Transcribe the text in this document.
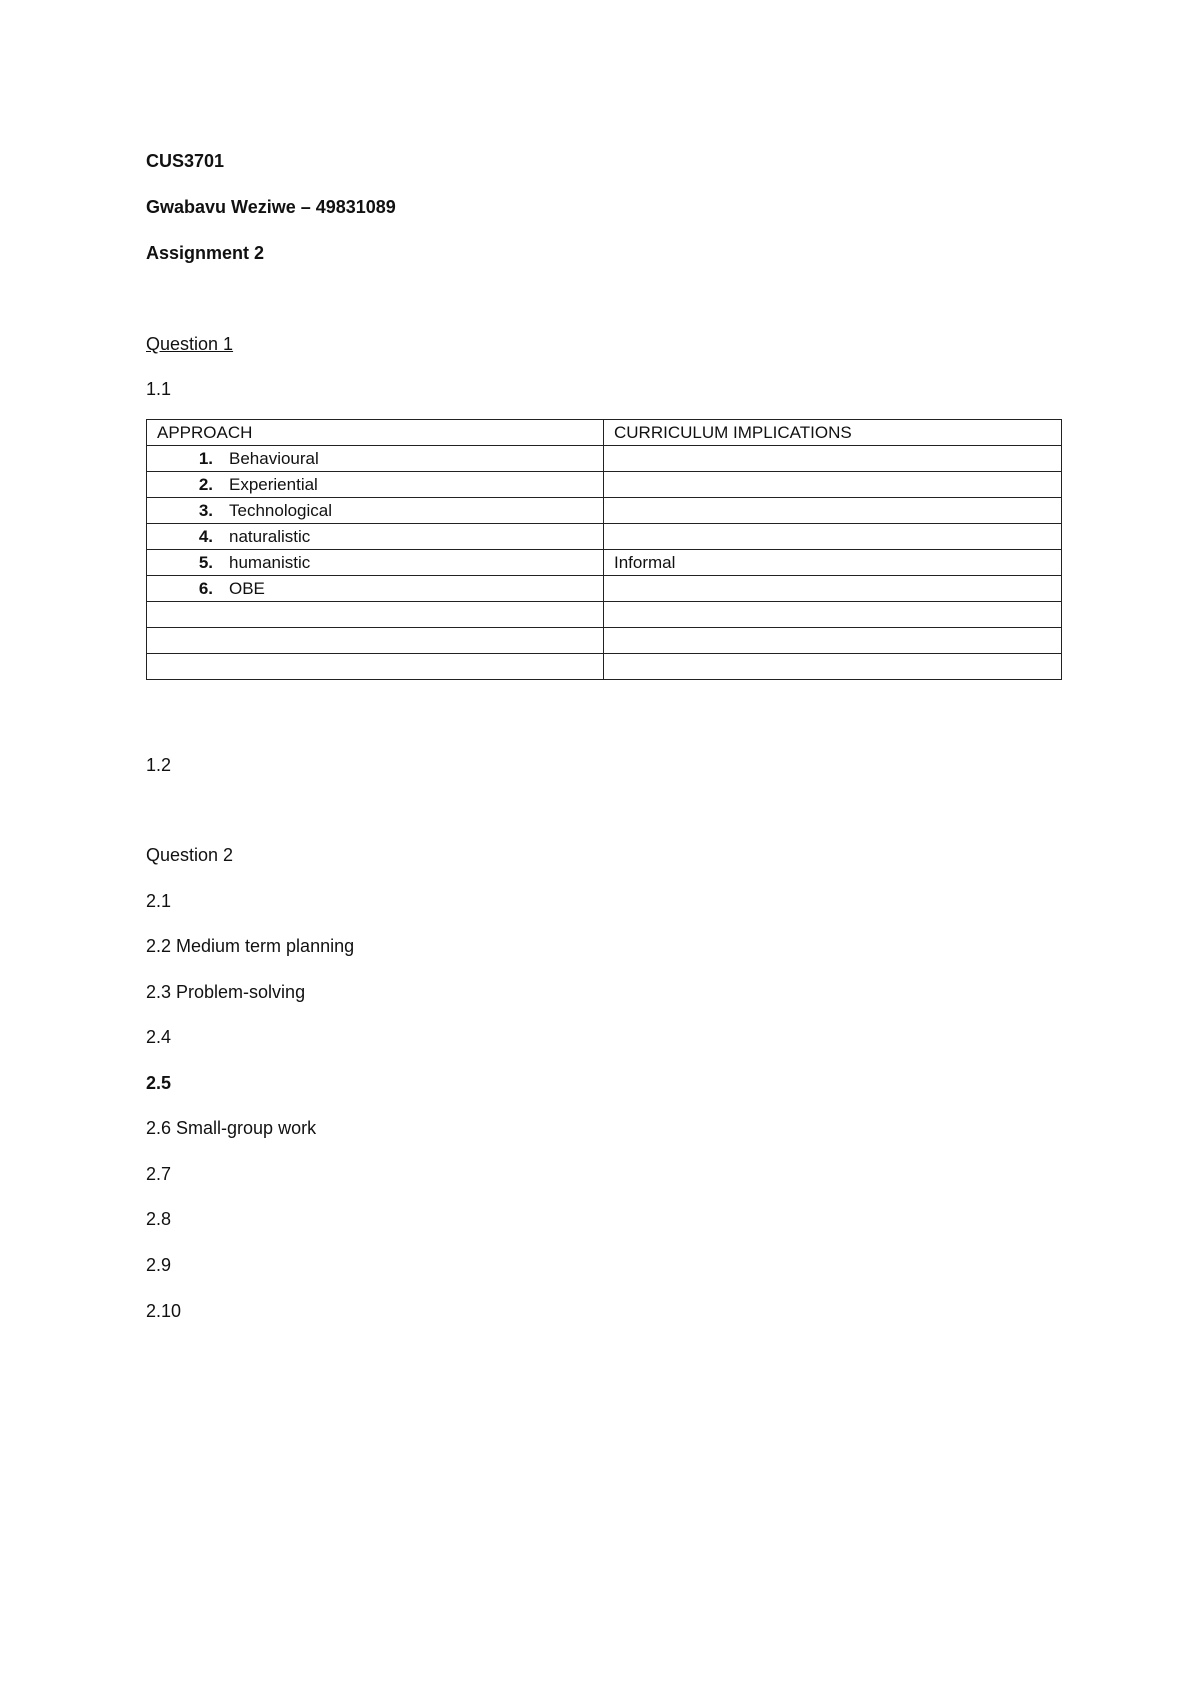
CUS3701
Gwabavu Weziwe – 49831089
Assignment 2
Question 1
1.1
APPROACH	CURRICULUM IMPLICATIONS
1. Behavioural	
2. Experiential	
3. Technological	
4. naturalistic	
5. humanistic	Informal
6. OBE	

1.2
Question 2
2.1
2.2 Medium term planning
2.3 Problem-solving
2.4
2.5
2.6 Small-group work
2.7
2.8
2.9
2.10
